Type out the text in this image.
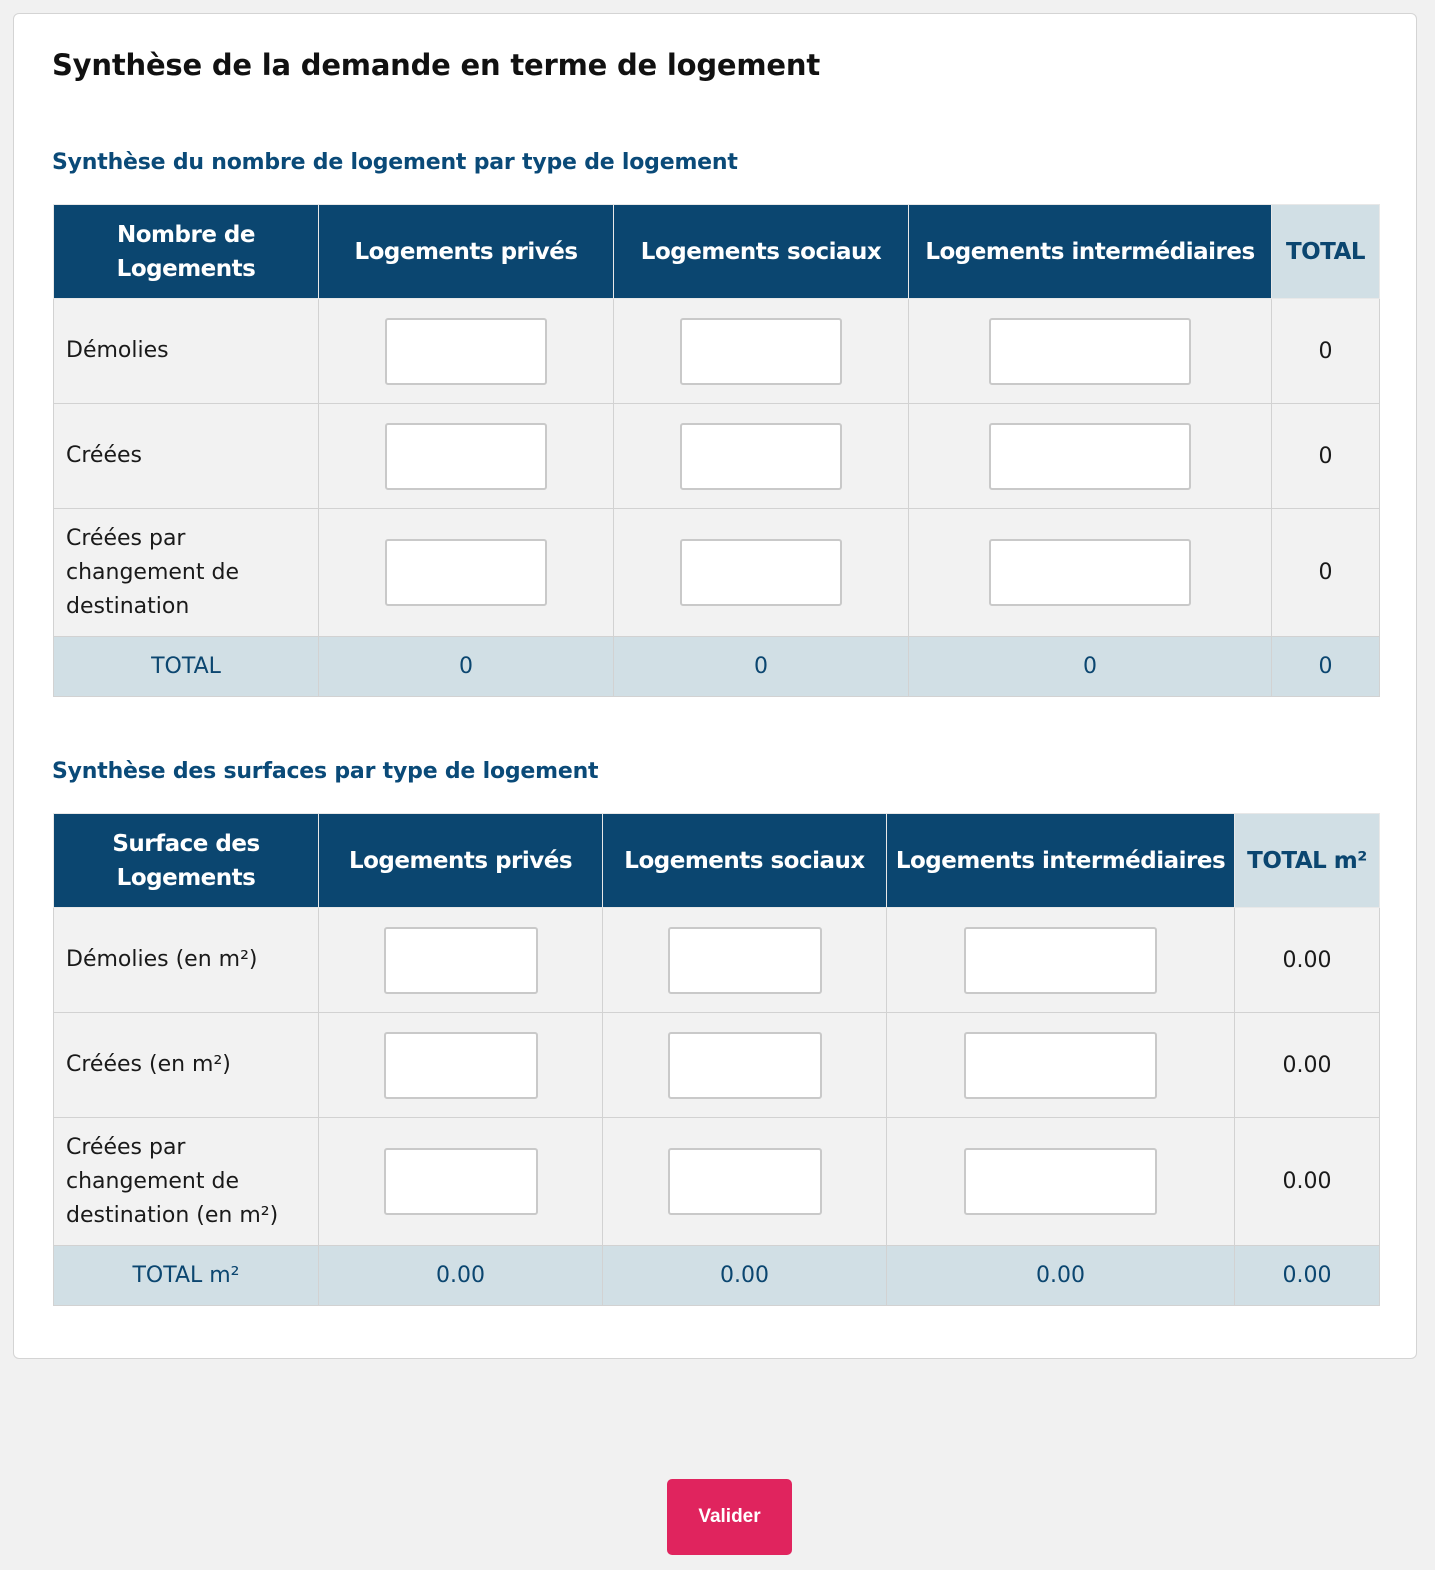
Synthèse de la demande en terme de logement
Synthèse du nombre de logement par type de logement
Nombre de Logements	Logements privés	Logements sociaux	Logements intermédiaires	TOTAL
Démolies				0
Créées				0
Créées par changement de destination				0
TOTAL	0	0	0	0
Synthèse des surfaces par type de logement
Surface des Logements	Logements privés	Logements sociaux	Logements intermédiaires	TOTAL m²
Démolies (en m²)				0.00
Créées (en m²)				0.00
Créées par changement de destination (en m²)				0.00
TOTAL m²	0.00	0.00	0.00	0.00
Valider
